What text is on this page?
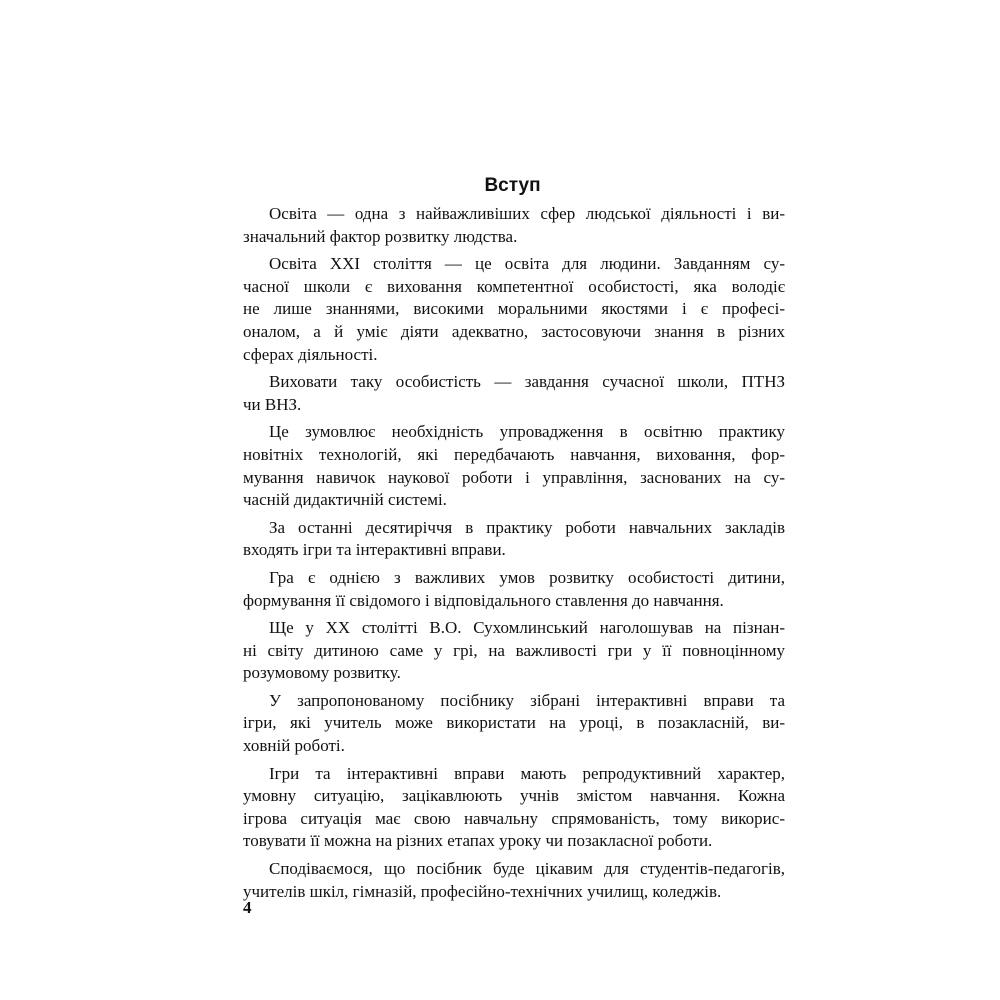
Вступ

Освіта — одна з найважливіших сфер людської діяльності і ви-
значальний фактор розвитку людства.

Освіта XXI століття — це освіта для людини. Завданням су-
часної школи є виховання компетентної особистості, яка володіє
не лише знаннями, високими моральними якостями і є професі-
оналом, а й уміє діяти адекватно, застосовуючи знання в різних
сферах діяльності.

Виховати таку особистість — завдання сучасної школи, ПТНЗ
чи ВНЗ.

Це зумовлює необхідність упровадження в освітню практику
новітніх технологій, які передбачають навчання, виховання, фор-
мування навичок наукової роботи і управління, заснованих на су-
часній дидактичній системі.

За останні десятиріччя в практику роботи навчальних закладів
входять ігри та інтерактивні вправи.

Гра є однією з важливих умов розвитку особистості дитини,
формування її свідомого і відповідального ставлення до навчання.

Ще у XX столітті В.О. Сухомлинський наголошував на пізнан-
ні світу дитиною саме у грі, на важливості гри у її повноцінному
розумовому розвитку.

У запропонованому посібнику зібрані інтерактивні вправи та
ігри, які учитель може використати на уроці, в позакласній, ви-
ховній роботі.

Ігри та інтерактивні вправи мають репродуктивний характер,
умовну ситуацію, зацікавлюють учнів змістом навчання. Кожна
ігрова ситуація має свою навчальну спрямованість, тому викорис-
товувати її можна на різних етапах уроку чи позакласної роботи.

Сподіваємося, що посібник буде цікавим для студентів-педагогів,
учителів шкіл, гімназій, професійно-технічних училищ, коледжів.

4
